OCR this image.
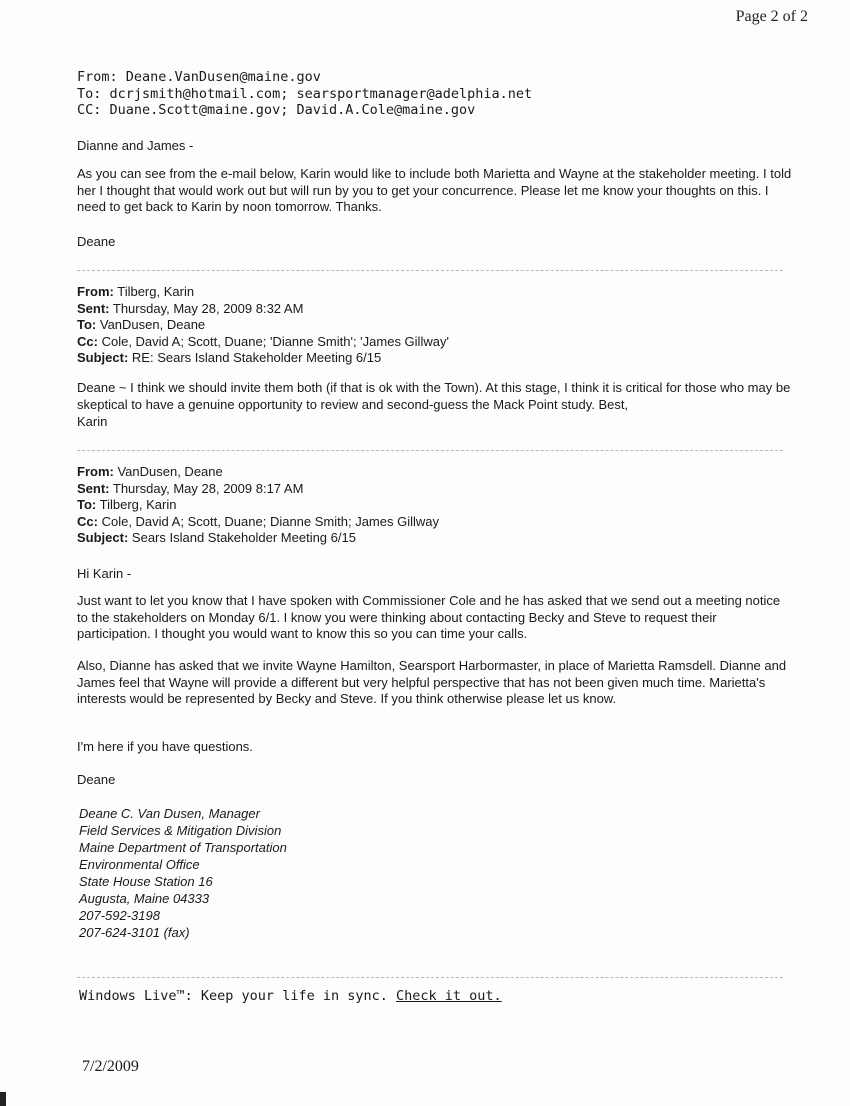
Page 2 of 2
From: Deane.VanDusen@maine.gov
To: dcrjsmith@hotmail.com; searsportmanager@adelphia.net
CC: Duane.Scott@maine.gov; David.A.Cole@maine.gov

Dianne and James -

As you can see from the e-mail below, Karin would like to include both Marietta and Wayne at the stakeholder meeting. I told her I thought that would work out but will run by you to get your concurrence. Please let me know your thoughts on this. I need to get back to Karin by noon tomorrow. Thanks.

Deane

From: Tilberg, Karin
Sent: Thursday, May 28, 2009 8:32 AM
To: VanDusen, Deane
Cc: Cole, David A; Scott, Duane; 'Dianne Smith'; 'James Gillway'
Subject: RE: Sears Island Stakeholder Meeting 6/15

Deane ~ I think we should invite them both (if that is ok with the Town). At this stage, I think it is critical for those who may be skeptical to have a genuine opportunity to review and second-guess the Mack Point study. Best,

Karin

From: VanDusen, Deane
Sent: Thursday, May 28, 2009 8:17 AM
To: Tilberg, Karin
Cc: Cole, David A; Scott, Duane; Dianne Smith; James Gillway
Subject: Sears Island Stakeholder Meeting 6/15

Hi Karin -

Just want to let you know that I have spoken with Commissioner Cole and he has asked that we send out a meeting notice to the stakeholders on Monday 6/1. I know you were thinking about contacting Becky and Steve to request their participation. I thought you would want to know this so you can time your calls.

Also, Dianne has asked that we invite Wayne Hamilton, Searsport Harbormaster, in place of Marietta Ramsdell. Dianne and James feel that Wayne will provide a different but very helpful perspective that has not been given much time. Marietta's interests would be represented by Becky and Steve. If you think otherwise please let us know.

I'm here if you have questions.

Deane

Deane C. Van Dusen, Manager
Field Services & Mitigation Division
Maine Department of Transportation
Environmental Office
State House Station 16
Augusta, Maine 04333
207-592-3198
207-624-3101 (fax)
Windows Live™: Keep your life in sync. Check it out.
7/2/2009
